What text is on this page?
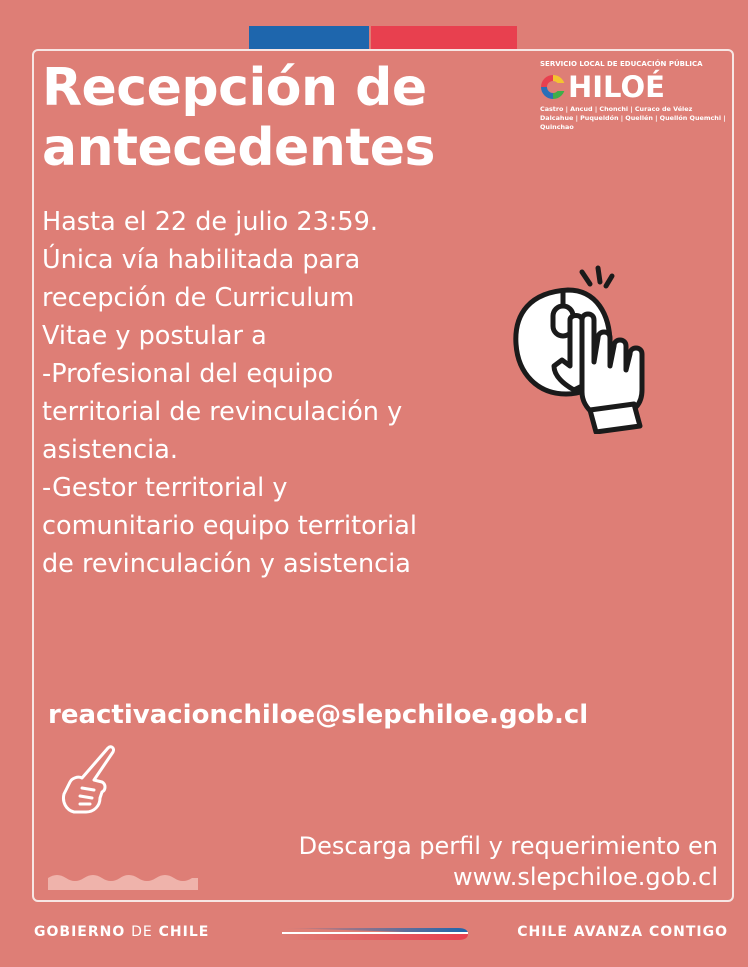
Recepción de
antecedentes
SERVICIO LOCAL DE EDUCACIÓN PÚBLICA
HILOÉ
Castro | Ancud | Chonchi | Curaco de Vélez Dalcahue | Puqueldón | Quellén | Quellón Quemchi | Quinchao

Hasta el 22 de julio 23:59.

Única vía habilitada para

recepción de Curriculum

Vitae y postular a

-Profesional del equipo

territorial de revinculación y

asistencia.

-Gestor territorial y

comunitario equipo territorial

de revinculación y asistencia

reactivacionchiloe@slepchiloe.gob.cl

Descarga perfil y requerimiento en

www.slepchiloe.gob.cl

GOBIERNO DE CHILE	CHILE AVANZA CONTIGO
